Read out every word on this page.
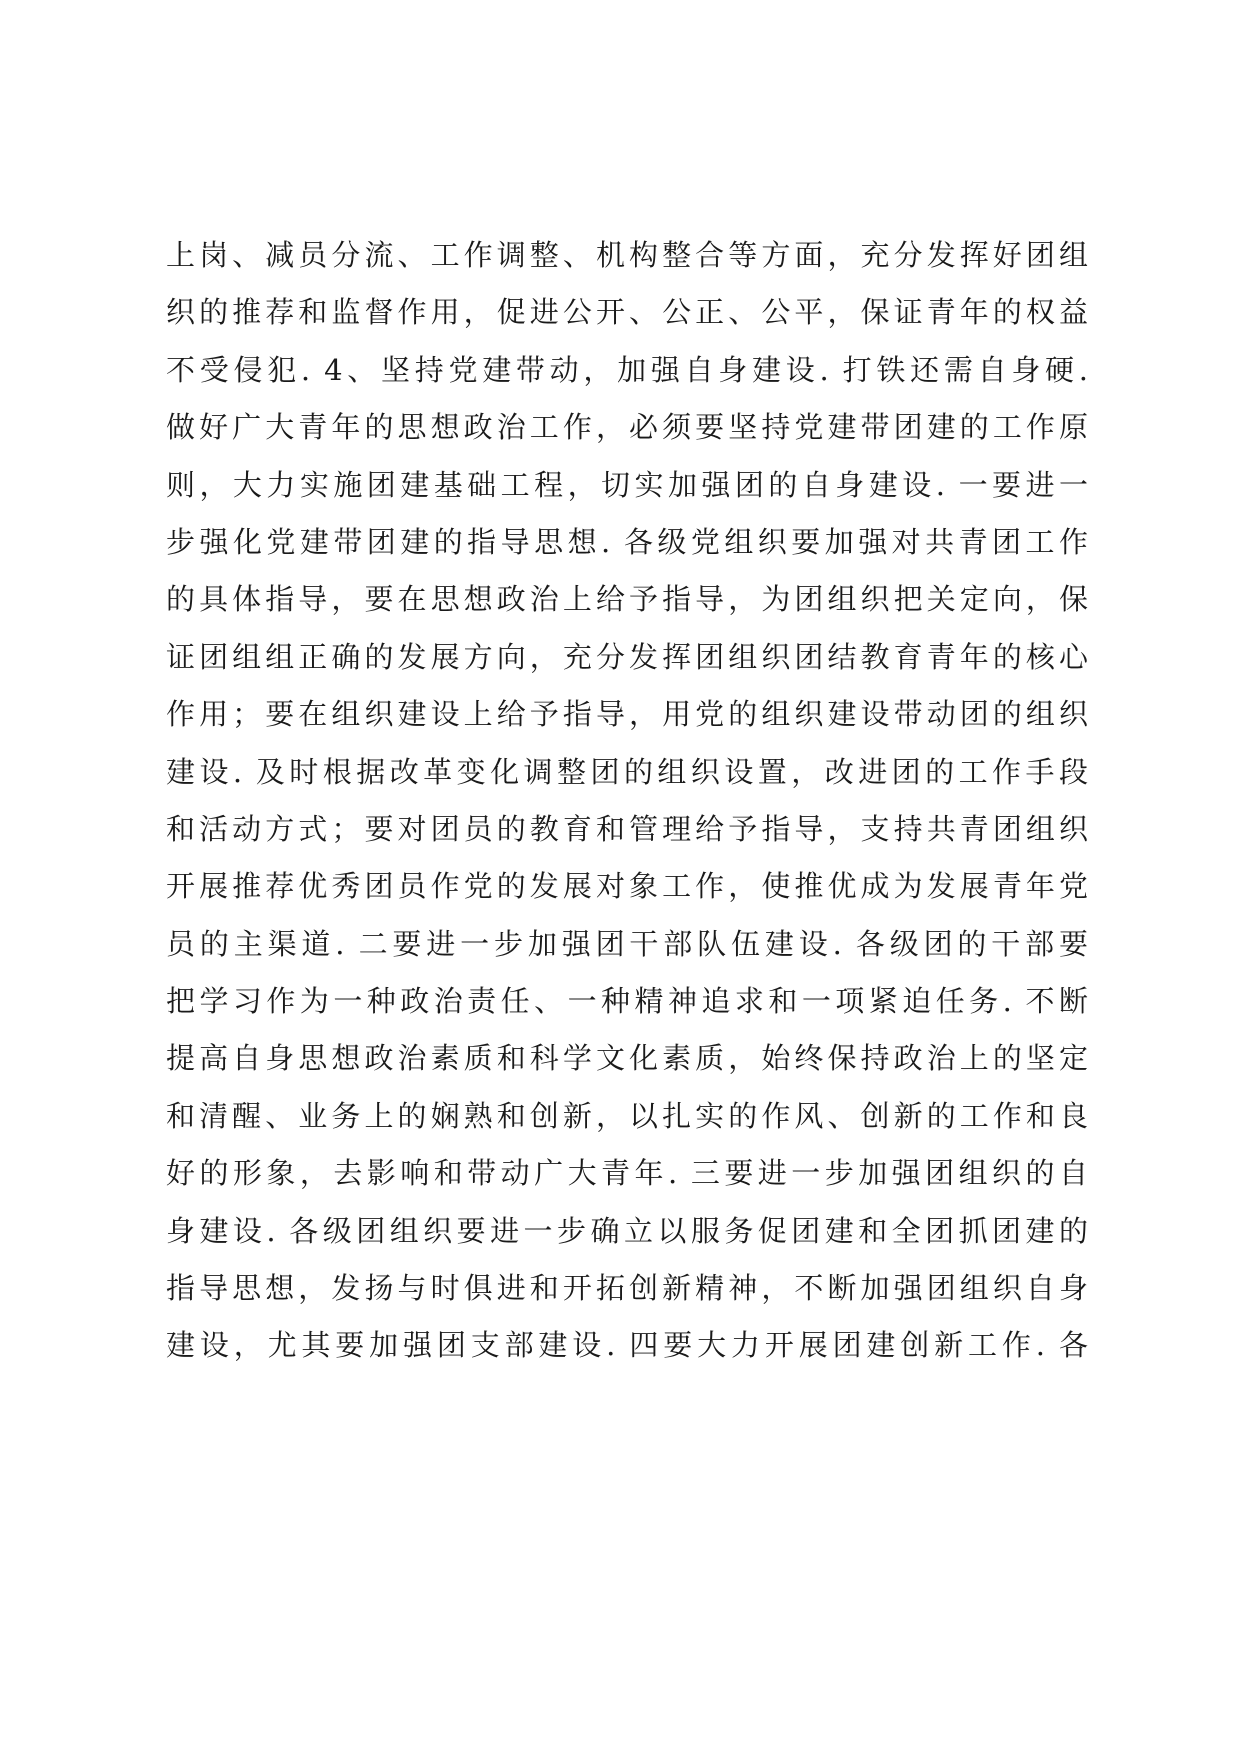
上岗、减员分流、工作调整、机构整合等方面，充分发挥好团组
织的推荐和监督作用，促进公开、公正、公平，保证青年的权益
不受侵犯. 4、坚持党建带动，加强自身建设. 打铁还需自身硬.
做好广大青年的思想政治工作，必须要坚持党建带团建的工作原
则，大力实施团建基础工程，切实加强团的自身建设. 一要进一
步强化党建带团建的指导思想. 各级党组织要加强对共青团工作
的具体指导，要在思想政治上给予指导，为团组织把关定向，保
证团组组正确的发展方向，充分发挥团组织团结教育青年的核心
作用；要在组织建设上给予指导，用党的组织建设带动团的组织
建设. 及时根据改革变化调整团的组织设置，改进团的工作手段
和活动方式；要对团员的教育和管理给予指导，支持共青团组织
开展推荐优秀团员作党的发展对象工作，使推优成为发展青年党
员的主渠道. 二要进一步加强团干部队伍建设. 各级团的干部要
把学习作为一种政治责任、一种精神追求和一项紧迫任务. 不断
提高自身思想政治素质和科学文化素质，始终保持政治上的坚定
和清醒、业务上的娴熟和创新，以扎实的作风、创新的工作和良
好的形象，去影响和带动广大青年. 三要进一步加强团组织的自
身建设. 各级团组织要进一步确立以服务促团建和全团抓团建的
指导思想，发扬与时俱进和开拓创新精神，不断加强团组织自身
建设，尤其要加强团支部建设. 四要大力开展团建创新工作. 各
